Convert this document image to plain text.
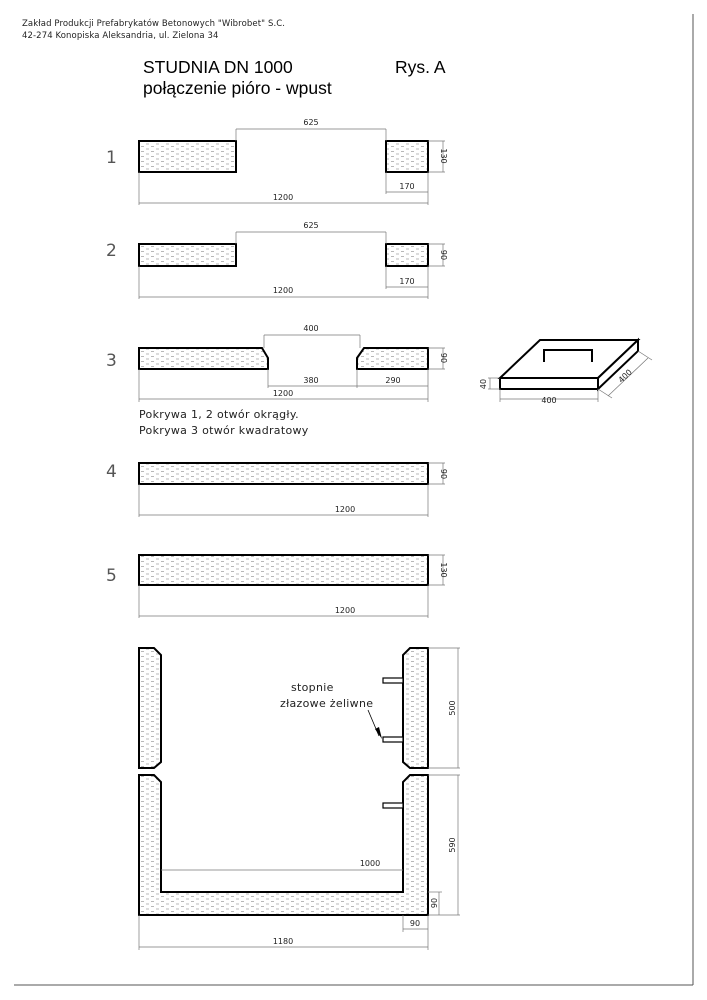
Zakład Produkcji Prefabrykatów Betonowych "Wibrobet" S.C.
42-274 Konopiska Aleksandria, ul. Zielona 34
STUDNIA DN 1000
połączenie pióro - wpust
Rys. A
1
625
170
1200
130
2
625
170
1200
90
3
400
380	290
1200
90
Pokrywa 1, 2 otwór okrągły.
Pokrywa 3 otwór kwadratowy
400
40	400
4
1200
90
5
1200
130
stopnie
złazowe żeliwne	500
590
90
1000
90
1180
